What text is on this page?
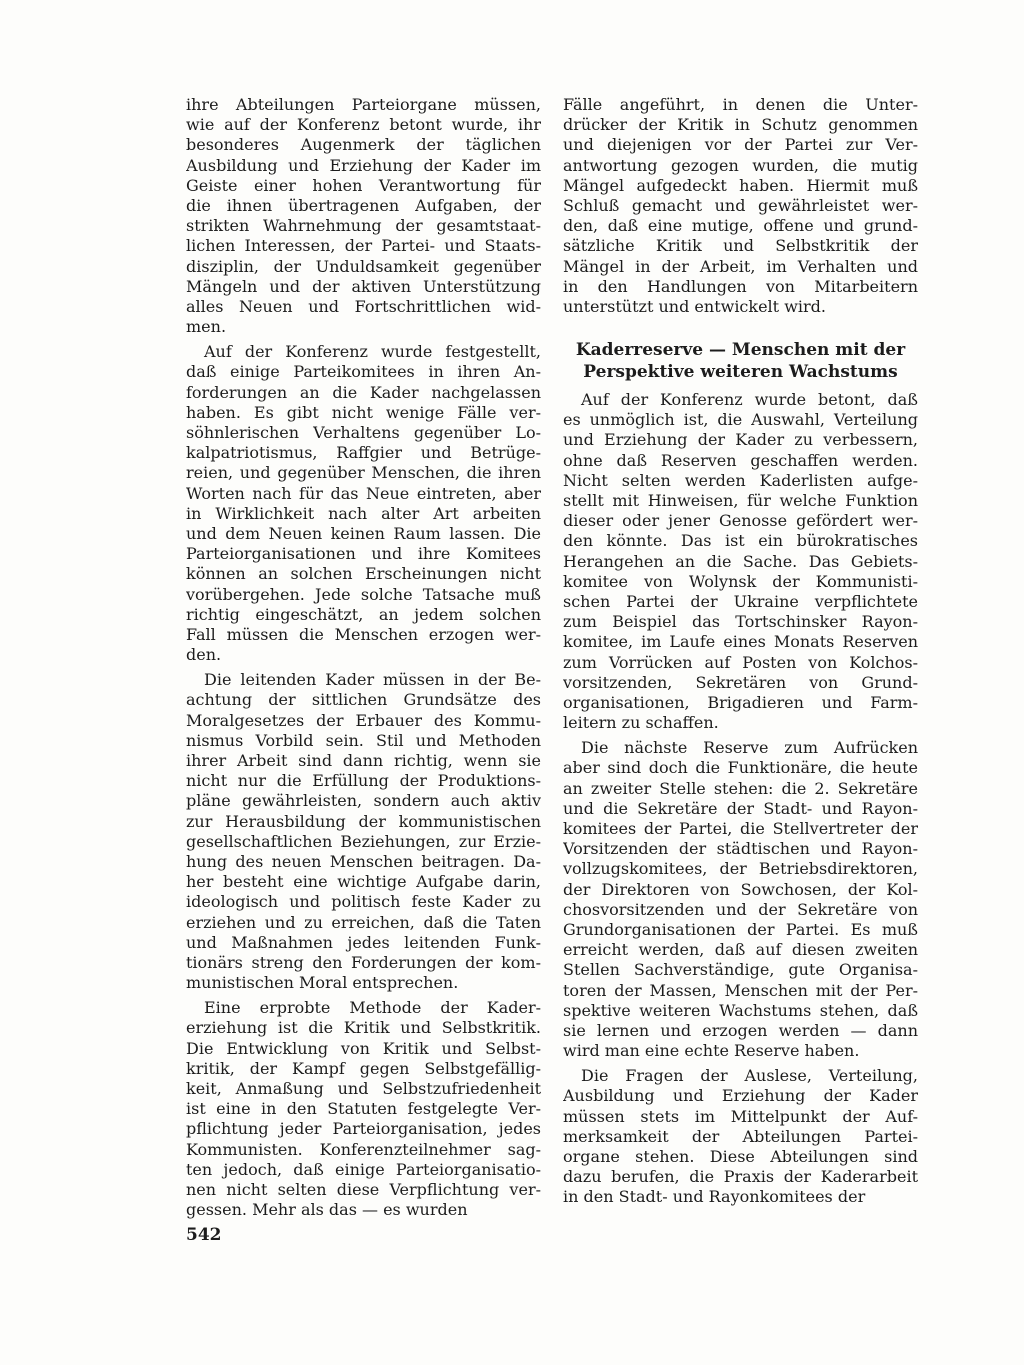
ihre Abteilungen Parteiorgane müssen,
wie auf der Konferenz betont wurde, ihr
besonderes Augenmerk der täglichen
Ausbildung und Erziehung der Kader im
Geiste einer hohen Verantwortung für
die ihnen übertragenen Aufgaben, der
strikten Wahrnehmung der gesamtstaat-
lichen Interessen, der Partei- und Staats-
disziplin, der Unduldsamkeit gegenüber
Mängeln und der aktiven Unterstützung
alles Neuen und Fortschrittlichen wid-
men.
Auf der Konferenz wurde festgestellt,
daß einige Parteikomitees in ihren An-
forderungen an die Kader nachgelassen
haben. Es gibt nicht wenige Fälle ver-
söhnlerischen Verhaltens gegenüber Lo-
kalpatriotismus, Raffgier und Betrüge-
reien, und gegenüber Menschen, die ihren
Worten nach für das Neue eintreten, aber
in Wirklichkeit nach alter Art arbeiten
und dem Neuen keinen Raum lassen. Die
Parteiorganisationen und ihre Komitees
können an solchen Erscheinungen nicht
vorübergehen. Jede solche Tatsache muß
richtig eingeschätzt, an jedem solchen
Fall müssen die Menschen erzogen wer-
den.
Die leitenden Kader müssen in der Be-
achtung der sittlichen Grundsätze des
Moralgesetzes der Erbauer des Kommu-
nismus Vorbild sein. Stil und Methoden
ihrer Arbeit sind dann richtig, wenn sie
nicht nur die Erfüllung der Produktions-
pläne gewährleisten, sondern auch aktiv
zur Herausbildung der kommunistischen
gesellschaftlichen Beziehungen, zur Erzie-
hung des neuen Menschen beitragen. Da-
her besteht eine wichtige Aufgabe darin,
ideologisch und politisch feste Kader zu
erziehen und zu erreichen, daß die Taten
und Maßnahmen jedes leitenden Funk-
tionärs streng den Forderungen der kom-
munistischen Moral entsprechen.
Eine erprobte Methode der Kader-
erziehung ist die Kritik und Selbstkritik.
Die Entwicklung von Kritik und Selbst-
kritik, der Kampf gegen Selbstgefällig-
keit, Anmaßung und Selbstzufriedenheit
ist eine in den Statuten festgelegte Ver-
pflichtung jeder Parteiorganisation, jedes
Kommunisten. Konferenzteilnehmer sag-
ten jedoch, daß einige Parteiorganisatio-
nen nicht selten diese Verpflichtung ver-
gessen. Mehr als das — es wurden
Fälle angeführt, in denen die Unter-
drücker der Kritik in Schutz genommen
und diejenigen vor der Partei zur Ver-
antwortung gezogen wurden, die mutig
Mängel aufgedeckt haben. Hiermit muß
Schluß gemacht und gewährleistet wer-
den, daß eine mutige, offene und grund-
sätzliche Kritik und Selbstkritik der
Mängel in der Arbeit, im Verhalten und
in den Handlungen von Mitarbeitern
unterstützt und entwickelt wird.
Kaderreserve — Menschen mit der
Perspektive weiteren Wachstums
Auf der Konferenz wurde betont, daß
es unmöglich ist, die Auswahl, Verteilung
und Erziehung der Kader zu verbessern,
ohne daß Reserven geschaffen werden.
Nicht selten werden Kaderlisten aufge-
stellt mit Hinweisen, für welche Funktion
dieser oder jener Genosse gefördert wer-
den könnte. Das ist ein bürokratisches
Herangehen an die Sache. Das Gebiets-
komitee von Wolynsk der Kommunisti-
schen Partei der Ukraine verpflichtete
zum Beispiel das Tortschinsker Rayon-
komitee, im Laufe eines Monats Reserven
zum Vorrücken auf Posten von Kolchos-
vorsitzenden, Sekretären von Grund-
organisationen, Brigadieren und Farm-
leitern zu schaffen.
Die nächste Reserve zum Aufrücken
aber sind doch die Funktionäre, die heute
an zweiter Stelle stehen: die 2. Sekretäre
und die Sekretäre der Stadt- und Rayon-
komitees der Partei, die Stellvertreter der
Vorsitzenden der städtischen und Rayon-
vollzugskomitees, der Betriebsdirektoren,
der Direktoren von Sowchosen, der Kol-
chosvorsitzenden und der Sekretäre von
Grundorganisationen der Partei. Es muß
erreicht werden, daß auf diesen zweiten
Stellen Sachverständige, gute Organisa-
toren der Massen, Menschen mit der Per-
spektive weiteren Wachstums stehen, daß
sie lernen und erzogen werden — dann
wird man eine echte Reserve haben.
Die Fragen der Auslese, Verteilung,
Ausbildung und Erziehung der Kader
müssen stets im Mittelpunkt der Auf-
merksamkeit der Abteilungen Partei-
organe stehen. Diese Abteilungen sind
dazu berufen, die Praxis der Kaderarbeit
in den Stadt- und Rayonkomitees der
542
